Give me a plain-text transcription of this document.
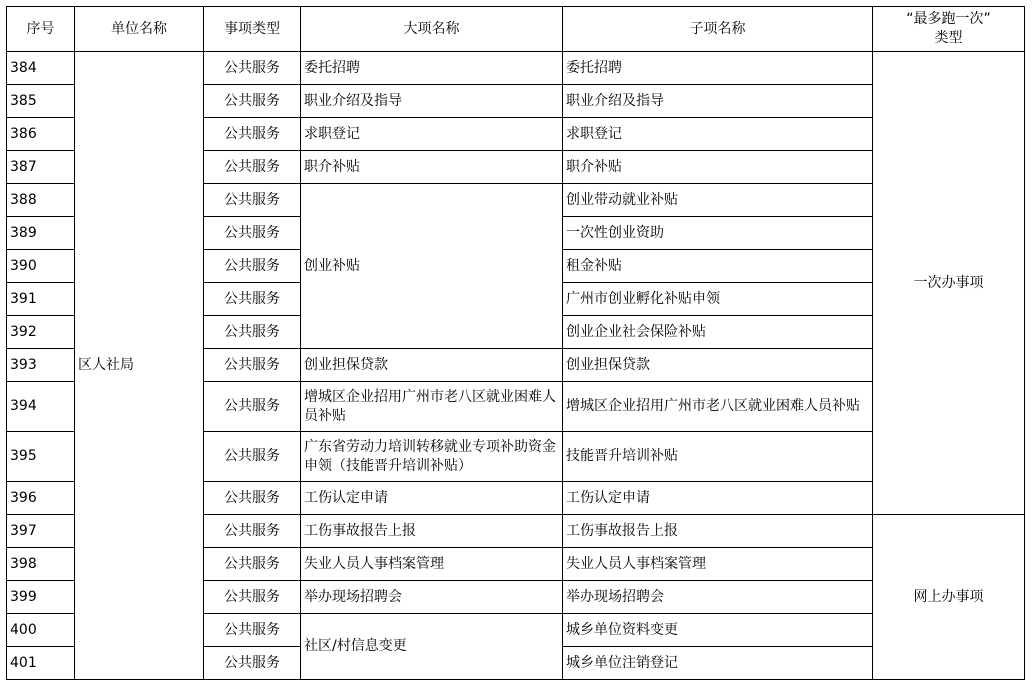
序号	单位名称	事项类型	大项名称	子项名称	“最多跑一次”
类型

384	区人社局	公共服务	委托招聘	委托招聘	一次办事项
385		公共服务	职业介绍及指导	职业介绍及指导	
386		公共服务	求职登记	求职登记	
387		公共服务	职介补贴	职介补贴	
388		公共服务	创业补贴	创业带动就业补贴	
389		公共服务		一次性创业资助	
390		公共服务		租金补贴	
391		公共服务		广州市创业孵化补贴申领	
392		公共服务		创业企业社会保险补贴	
393		公共服务	创业担保贷款	创业担保贷款	
394		公共服务	增城区企业招用广州市老八区就业困难人员补贴	增城区企业招用广州市老八区就业困难人员补贴	
395		公共服务	广东省劳动力培训转移就业专项补助资金申领（技能晋升培训补贴）	技能晋升培训补贴	
396		公共服务	工伤认定申请	工伤认定申请	
397		公共服务	工伤事故报告上报	工伤事故报告上报	网上办事项
398		公共服务	失业人员人事档案管理	失业人员人事档案管理	
399		公共服务	举办现场招聘会	举办现场招聘会	
400		公共服务	社区/村信息变更	城乡单位资料变更	
401		公共服务		城乡单位注销登记	
